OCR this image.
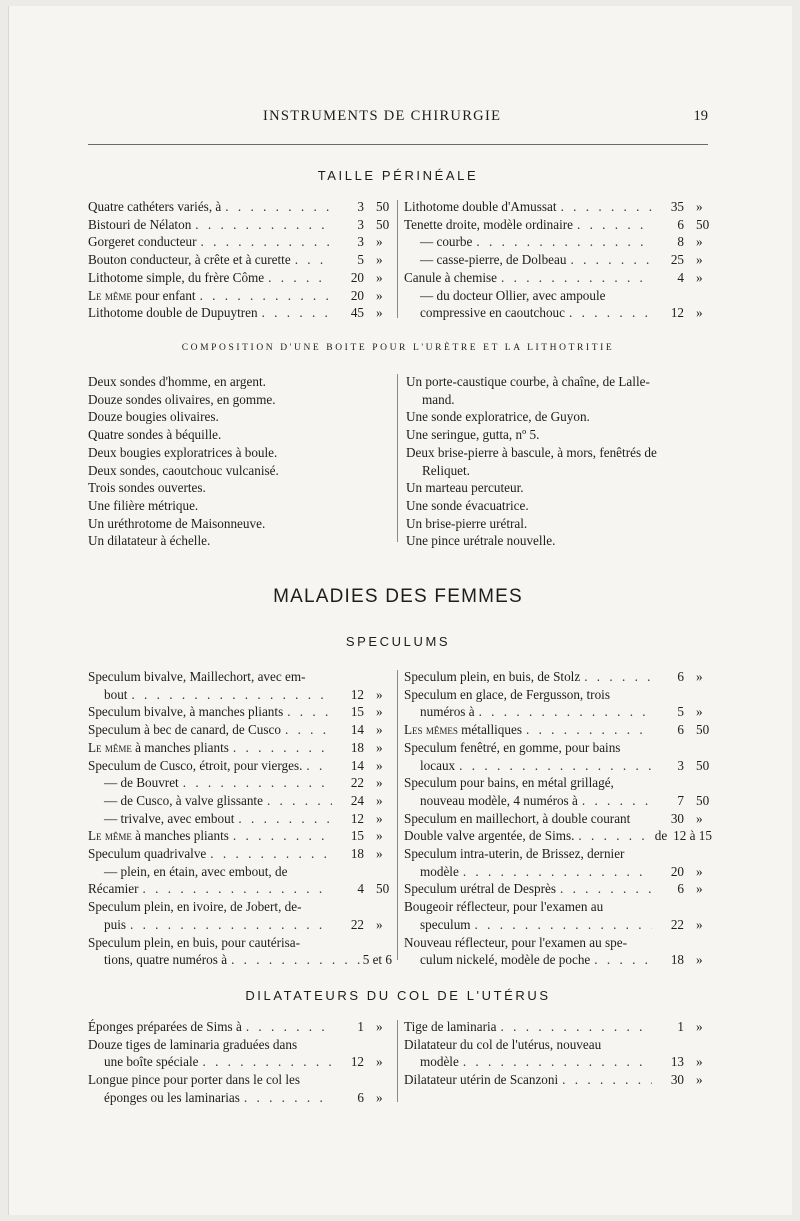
INSTRUMENTS DE CHIRURGIE	19
TAILLE PÉRINÉALE
Quatre cathéters variés, à . . .	3 50
Bistouri de Nélaton . . .	3 50
Gorgeret conducteur . . .	3 »
Bouton conducteur, à crête et à curette . . .	5 »
Lithotome simple, du frère Côme . . .	20 »
Le même pour enfant . . .	20 »
Lithotome double de Dupuytren . . .	45 »
Lithotome double d'Amussat . . .	35 »
Tenette droite, modèle ordinaire . . .	6 50
— courbe . . .	8 »
— casse-pierre, de Dolbeau . . .	25 »
Canule à chemise . . .	4 »
— du docteur Ollier, avec ampoule
compressive en caoutchouc . . .	12 »
COMPOSITION D'UNE BOITE POUR L'URÈTRE ET LA LITHOTRITIE
Deux sondes d'homme, en argent.
Douze sondes olivaires, en gomme.
Douze bougies olivaires.
Quatre sondes à béquille.
Deux bougies exploratrices à boule.
Deux sondes, caoutchouc vulcanisé.
Trois sondes ouvertes.
Une filière métrique.
Un uréthrotome de Maisonneuve.
Un dilatateur à échelle.
Un porte-caustique courbe, à chaîne, de Lalle-
mand.
Une sonde exploratrice, de Guyon.
Une seringue, gutta, nº 5.
Deux brise-pierre à bascule, à mors, fenêtrés de
Reliquet.
Un marteau percuteur.
Une sonde évacuatrice.
Un brise-pierre urétral.
Une pince urétrale nouvelle.
MALADIES DES FEMMES
SPECULUMS
Speculum bivalve, Maillechort, avec em-
bout . . .	12 »
Speculum bivalve, à manches pliants . . .	15 »
Speculum à bec de canard, de Cusco . . .	14 »
Le même à manches pliants . . .	18 »
Speculum de Cusco, étroit, pour vierges. . . .	14 »
— de Bouvret . . .	22 »
— de Cusco, à valve glissante . . .	24 »
— trivalve, avec embout . . .	12 »
Le même à manches pliants . . .	15 »
Speculum quadrivalve . . .	18 »
— plein, en étain, avec embout, de
Récamier . . .	4 50
Speculum plein, en ivoire, de Jobert, de-
puis . . .	22 »
Speculum plein, en buis, pour cautérisa-
tions, quatre numéros à . . .	5 et 6
Speculum plein, en buis, de Stolz . . .	6 »
Speculum en glace, de Fergusson, trois
numéros à . . .	5 »
Les mêmes métalliques . . .	6 50
Speculum fenêtré, en gomme, pour bains
locaux . . .	3 50
Speculum pour bains, en métal grillagé,
nouveau modèle, 4 numéros à . . .	7 50
Speculum en maillechort, à double courant	30 »
Double valve argentée, de Sims. . . .	de 12 à 15
Speculum intra-uterin, de Brissez, dernier
modèle . . .	20 »
Speculum urétral de Desprès . . .	6 »
Bougeoir réflecteur, pour l'examen au
speculum . . .	22 »
Nouveau réflecteur, pour l'examen au spe-
culum nickelé, modèle de poche . . .	18 »
DILATATEURS DU COL DE L'UTÉRUS
Éponges préparées de Sims à . . .	1 »
Douze tiges de laminaria graduées dans
une boîte spéciale . . .	12 »
Longue pince pour porter dans le col les
éponges ou les laminarias . . .	6 »
Tige de laminaria . . .	1 »
Dilatateur du col de l'utérus, nouveau
modèle . . .	13 »
Dilatateur utérin de Scanzoni . . .	30 »
